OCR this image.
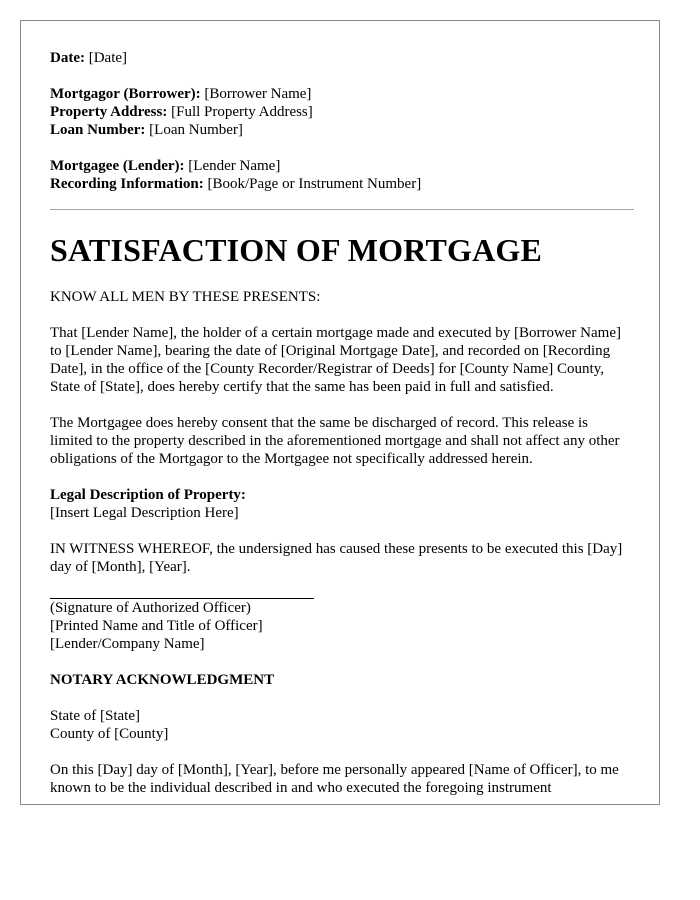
Date: [Date]
Mortgagor (Borrower): [Borrower Name]
Property Address: [Full Property Address]
Loan Number: [Loan Number]
Mortgagee (Lender): [Lender Name]
Recording Information: [Book/Page or Instrument Number]
SATISFACTION OF MORTGAGE

KNOW ALL MEN BY THESE PRESENTS:

That [Lender Name], the holder of a certain mortgage made and executed by [Borrower Name] to [Lender Name], bearing the date of [Original Mortgage Date], and recorded on [Recording Date], in the office of the [County Recorder/Registrar of Deeds] for [County Name] County, State of [State], does hereby certify that the same has been paid in full and satisfied.

The Mortgagee does hereby consent that the same be discharged of record. This release is limited to the property described in the aforementioned mortgage and shall not affect any other obligations of the Mortgagor to the Mortgagee not specifically addressed herein.

Legal Description of Property:
[Insert Legal Description Here]

IN WITNESS WHEREOF, the undersigned has caused these presents to be executed this [Day] day of [Month], [Year].

(Signature of Authorized Officer)
[Printed Name and Title of Officer]
[Lender/Company Name]
NOTARY ACKNOWLEDGMENT
State of [State]
County of [County]

On this [Day] day of [Month], [Year], before me personally appeared [Name of Officer], to me known to be the individual described in and who executed the foregoing instrument
